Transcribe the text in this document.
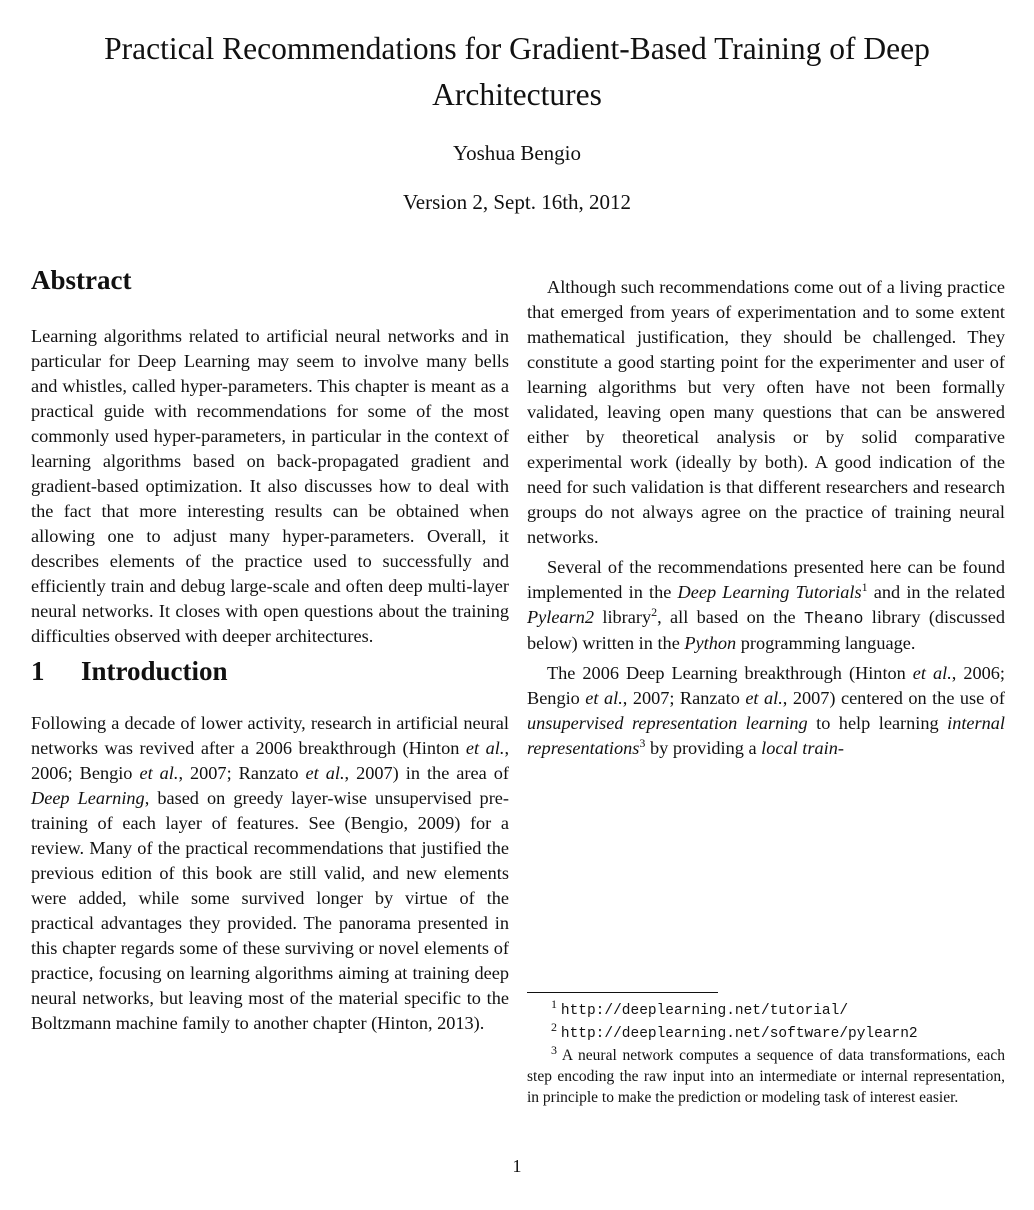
Practical Recommendations for Gradient-Based Training of Deep
Architectures
Yoshua Bengio
Version 2, Sept. 16th, 2012
Abstract

Learning algorithms related to artificial neural networks and in particular for Deep Learning may seem to involve many bells and whistles, called hyper-parameters. This chapter is meant as a practical guide with recommendations for some of the most commonly used hyper-parameters, in particular in the context of learning algorithms based on back-propagated gradient and gradient-based optimization. It also discusses how to deal with the fact that more interesting results can be obtained when allowing one to adjust many hyper-parameters. Overall, it describes elements of the practice used to successfully and efficiently train and debug large-scale and often deep multi-layer neural networks. It closes with open questions about the training difficulties observed with deeper architectures.

1 Introduction

Following a decade of lower activity, research in artificial neural networks was revived after a 2006 breakthrough (Hinton et al., 2006; Bengio et al., 2007; Ranzato et al., 2007) in the area of Deep Learning, based on greedy layer-wise unsupervised pre-training of each layer of features. See (Bengio, 2009) for a review. Many of the practical recommendations that justified the previous edition of this book are still valid, and new elements were added, while some survived longer by virtue of the practical advantages they provided. The panorama presented in this chapter regards some of these surviving or novel elements of practice, focusing on learning algorithms aiming at training deep neural networks, but leaving most of the material specific to the Boltzmann machine family to another chapter (Hinton, 2013).

Although such recommendations come out of a living practice that emerged from years of experimentation and to some extent mathematical justification, they should be challenged. They constitute a good starting point for the experimenter and user of learning algorithms but very often have not been formally validated, leaving open many questions that can be answered either by theoretical analysis or by solid comparative experimental work (ideally by both). A good indication of the need for such validation is that different researchers and research groups do not always agree on the practice of training neural networks.

Several of the recommendations presented here can be found implemented in the Deep Learning Tutorials$^1$ and in the related Pylearn2 library$^2$, all based on the Theano library (discussed below) written in the Python programming language.

The 2006 Deep Learning breakthrough (Hinton et al., 2006; Bengio et al., 2007; Ranzato et al., 2007) centered on the use of unsupervised representation learning to help learning internal representations$^3$ by providing a local train-

$^1$ http://deeplearning.net/tutorial/
$^2$ http://deeplearning.net/software/pylearn2
$^3$ A neural network computes a sequence of data transformations, each step encoding the raw input into an intermediate or internal representation, in principle to make the prediction or modeling task of interest easier.
1
